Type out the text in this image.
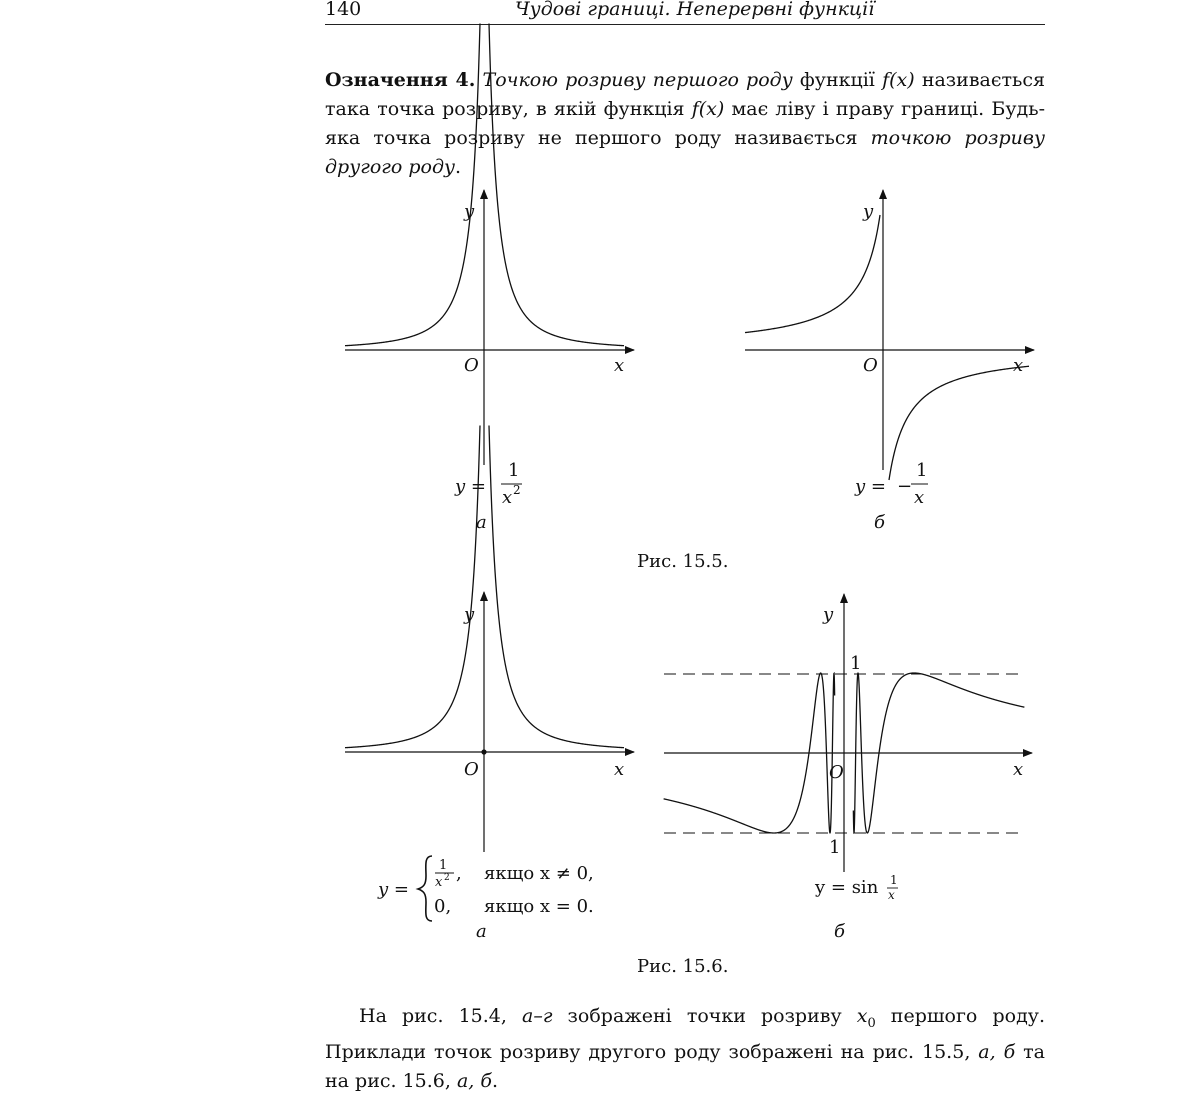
140	Чудові границі. Неперервні функції
Означення 4. Точкою розриву першого роду функції f(x) називається така точка розриву, в якій функція f(x) має ліву і праву границі. Будь-яка точка розриву не першого роду називається точкою розриву другого роду.
y
x
O
y =
1
x 2
a
y
x
O
y = −
1
x
б
Рис. 15.5.
y
x
O
y =
1
x 2 , якщо x ≠ 0,
0, якщо x = 0.
a
y
x
O
1
1
y = sin 1
x
б
Рис. 15.6.
На рис. 15.4, а–г зображені точки розриву $x_0$ першого роду. Приклади точок розриву другого роду зображені на рис. 15.5, а, б та на рис. 15.6, а, б.
